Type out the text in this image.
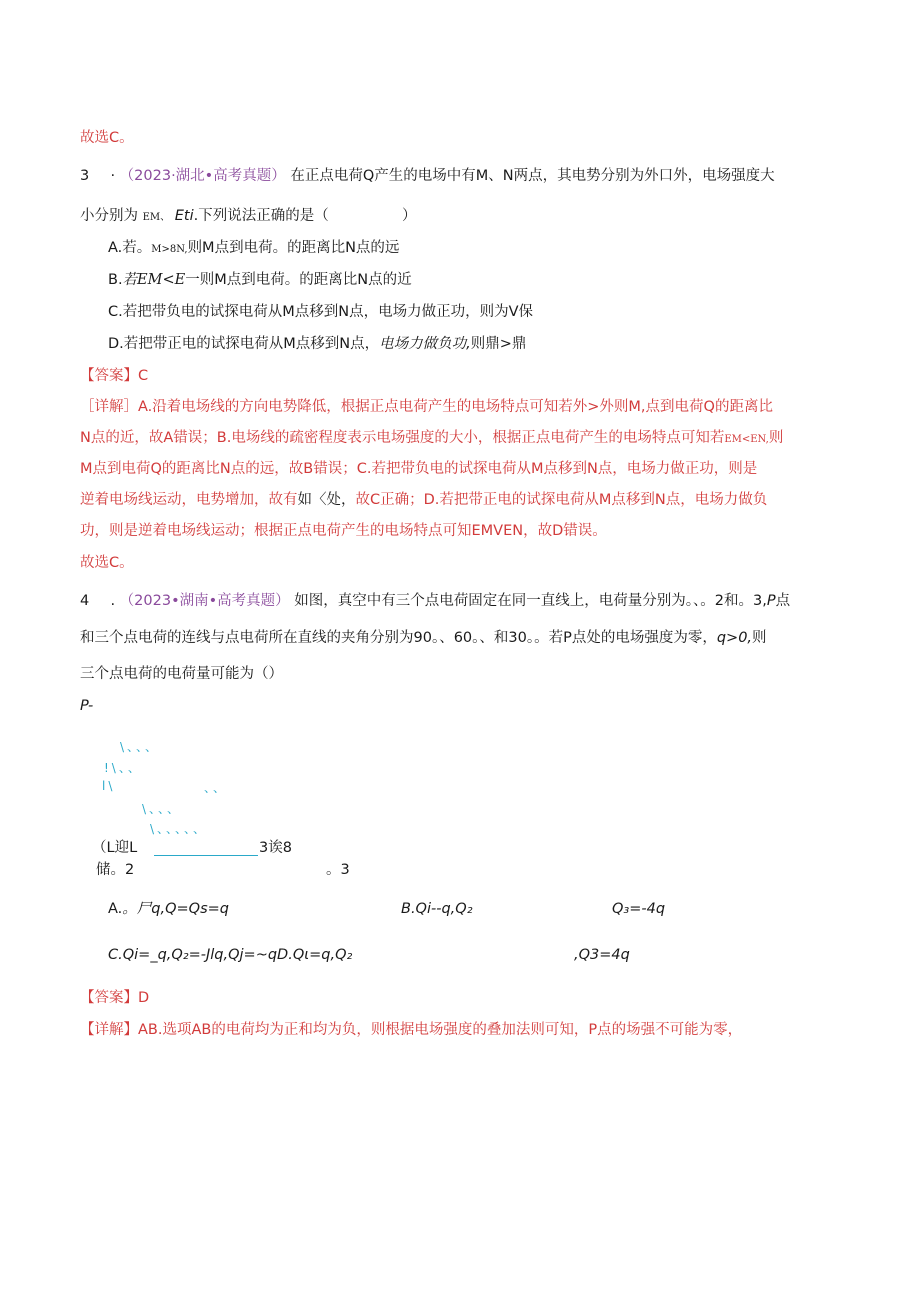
故选C。
3 · （2023·湖北•高考真题） 在正点电荷Q产生的电场中有M、N两点，其电势分别为外口外，电场强度大
小分别为 EM、 Eti.下列说法正确的是（	）
A.若。M>8N,则M点到电荷。的距离比N点的远
B.若EM<E一则M点到电荷。的距离比N点的近
C.若把带负电的试探电荷从M点移到N点，电场力做正功，则为V保
D.若把带正电的试探电荷从M点移到N点，电场力做负功,则鼎>鼎
【答案】C
［详解］A.沿着电场线的方向电势降低，根据正点电荷产生的电场特点可知若外>外则M,点到电荷Q的距离比
N点的近，故A错误；B.电场线的疏密程度表示电场强度的大小，根据正点电荷产生的电场特点可知若EM<EN,则
M点到电荷Q的距离比N点的远，故B错误；C.若把带负电的试探电荷从M点移到N点，电场力做正功，则是
逆着电场线运动，电势增加，故有如〈处，故C正确；D.若把带正电的试探电荷从M点移到N点，电场力做负
功，则是逆着电场线运动；根据正点电荷产生的电场特点可知EMVEN，故D错误。
故选C。
4 . （2023•湖南•高考真题） 如图，真空中有三个点电荷固定在同一直线上，电荷量分别为。、。2和。3,P点
和三个点电荷的连线与点电荷所在直线的夹角分别为90。、60。、和30。。若P点处的电场强度为零，q>0,则
三个点电荷的电荷量可能为（）
P-
\、、、
!\、、
l\	、、
\、、、
\、、、、、
（L迎L	3诶8
储。2	。3
A.。尸q,Q=Qs=q	B.Qi--q,Q₂	Q₃=-4q
C.Qi=_q,Q₂=-Jlq,Qj=~qD.Qι=q,Q₂	,Q3=4q
【答案】D
【详解】AB.选项AB的电荷均为正和均为负，则根据电场强度的叠加法则可知，P点的场强不可能为零，
